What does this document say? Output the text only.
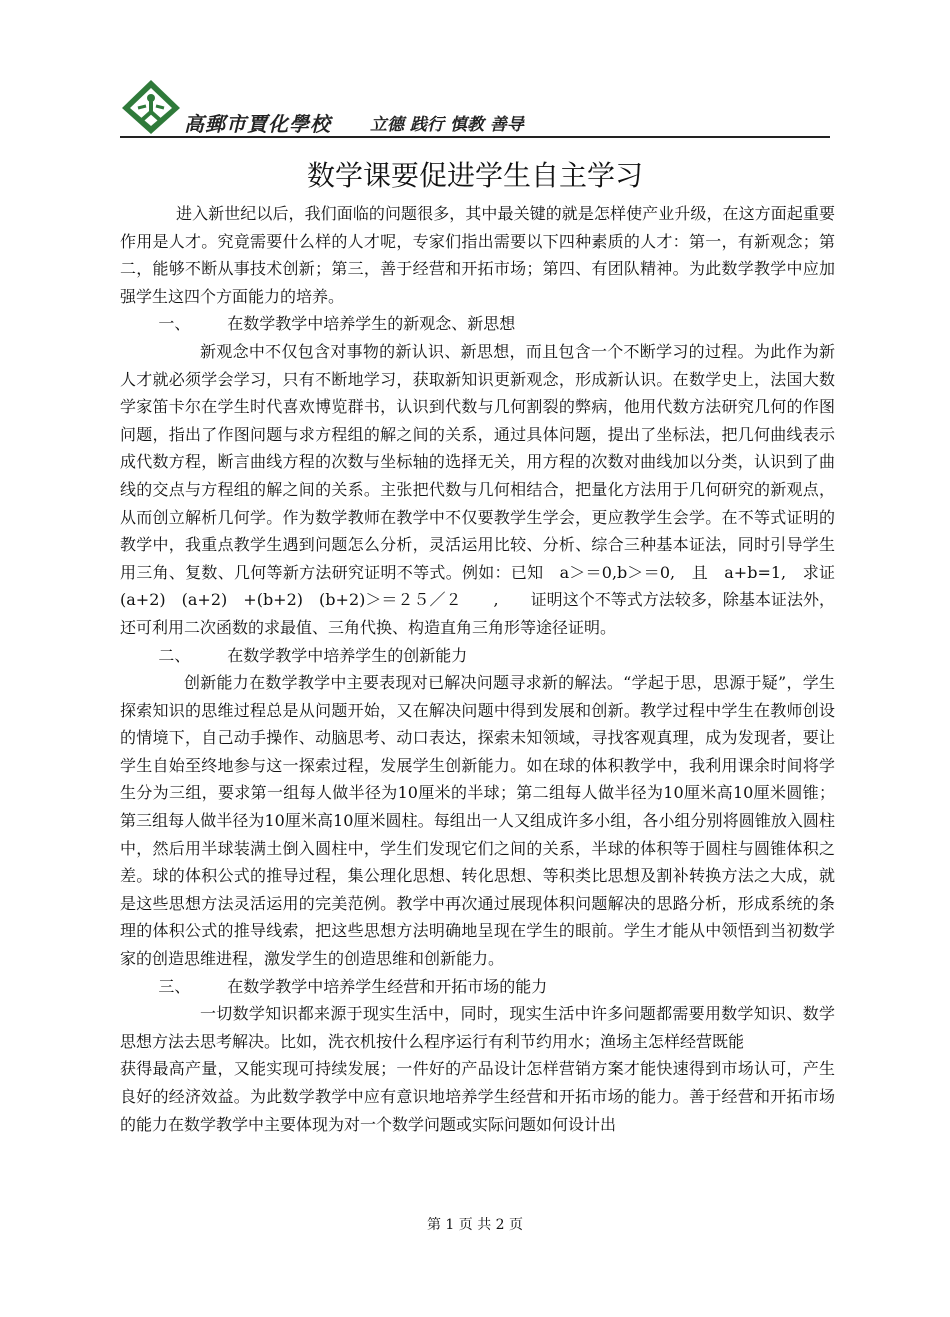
高郵市賈化學校 立德 践行 慎教 善导
数学课要促进学生自主学习

进入新世纪以后，我们面临的问题很多，其中最关键的就是怎样使产业升级，在这方面起重要作用是人才。究竟需要什么样的人才呢，专家们指出需要以下四种素质的人才：第一，有新观念；第二，能够不断从事技术创新；第三，善于经营和开拓市场；第四、有团队精神。为此数学教学中应加强学生这四个方面能力的培养。

一、 在数学教学中培养学生的新观念、新思想

新观念中不仅包含对事物的新认识、新思想，而且包含一个不断学习的过程。为此作为新人才就必须学会学习，只有不断地学习，获取新知识更新观念，形成新认识。在数学史上，法国大数学家笛卡尔在学生时代喜欢博览群书，认识到代数与几何割裂的弊病，他用代数方法研究几何的作图问题，指出了作图问题与求方程组的解之间的关系，通过具体问题，提出了坐标法，把几何曲线表示成代数方程，断言曲线方程的次数与坐标轴的选择无关，用方程的次数对曲线加以分类，认识到了曲线的交点与方程组的解之间的关系。主张把代数与几何相结合，把量化方法用于几何研究的新观点，从而创立解析几何学。作为数学教师在教学中不仅要教学生学会，更应教学生会学。在不等式证明的教学中，我重点教学生遇到问题怎么分析，灵活运用比较、分析、综合三种基本证法，同时引导学生用三角、复数、几何等新方法研究证明不等式。例如：已知　a＞＝0,b＞＝0,　且　a+b=1,　求证　　(a+2)　(a+2)　+(b+2)　(b+2)＞＝２５／２　　,　　证明这个不等式方法较多，除基本证法外，还可利用二次函数的求最值、三角代换、构造直角三角形等途径证明。

二、 在数学教学中培养学生的创新能力

创新能力在数学教学中主要表现对已解决问题寻求新的解法。“学起于思，思源于疑”，学生探索知识的思维过程总是从问题开始，又在解决问题中得到发展和创新。教学过程中学生在教师创设的情境下，自己动手操作、动脑思考、动口表达，探索未知领域，寻找客观真理，成为发现者，要让学生自始至终地参与这一探索过程，发展学生创新能力。如在球的体积教学中，我利用课余时间将学生分为三组，要求第一组每人做半径为10厘米的半球；第二组每人做半径为10厘米高10厘米圆锥；第三组每人做半径为10厘米高10厘米圆柱。每组出一人又组成许多小组，各小组分别将圆锥放入圆柱中，然后用半球装满土倒入圆柱中，学生们发现它们之间的关系，半球的体积等于圆柱与圆锥体积之差。球的体积公式的推导过程，集公理化思想、转化思想、等积类比思想及割补转换方法之大成，就是这些思想方法灵活运用的完美范例。教学中再次通过展现体积问题解决的思路分析，形成系统的条理的体积公式的推导线索，把这些思想方法明确地呈现在学生的眼前。学生才能从中领悟到当初数学家的创造思维进程，激发学生的创造思维和创新能力。

三、 在数学教学中培养学生经营和开拓市场的能力

一切数学知识都来源于现实生活中，同时，现实生活中许多问题都需要用数学知识、数学思想方法去思考解决。比如，洗衣机按什么程序运行有利节约用水；渔场主怎样经营既能

获得最高产量，又能实现可持续发展；一件好的产品设计怎样营销方案才能快速得到市场认可，产生良好的经济效益。为此数学教学中应有意识地培养学生经营和开拓市场的能力。善于经营和开拓市场的能力在数学教学中主要体现为对一个数学问题或实际问题如何设计出

第 1 页 共 2 页
